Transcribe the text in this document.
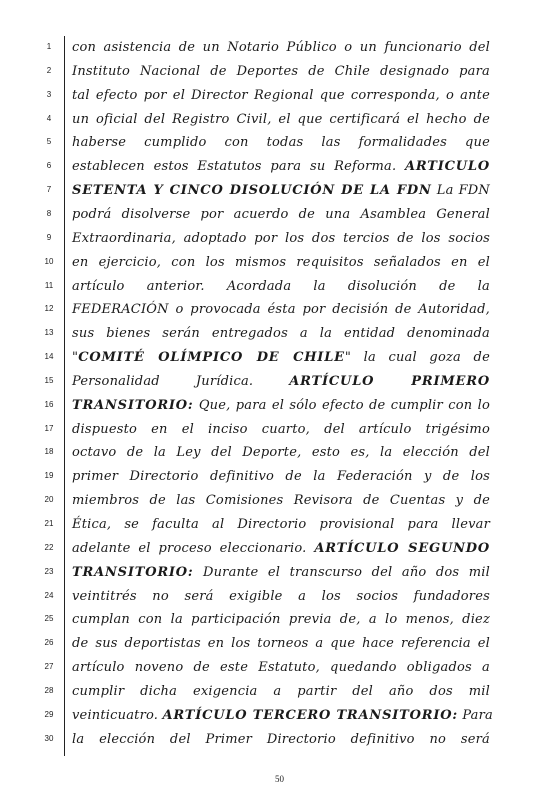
1	con asistencia de un Notario Público o un funcionario del
2	Instituto Nacional de Deportes de Chile designado para
3	tal efecto por el Director Regional que corresponda, o ante
4	un oficial del Registro Civil, el que certificará el hecho de
5	haberse cumplido con todas las formalidades que
6	establecen estos Estatutos para su Reforma. ARTICULO
7	SETENTA Y CINCO DISOLUCIÓN DE LA FDN La FDN
8	podrá disolverse por acuerdo de una Asamblea General
9	Extraordinaria, adoptado por los dos tercios de los socios
10	en ejercicio, con los mismos requisitos señalados en el
11	artículo anterior. Acordada la disolución de la
12	FEDERACIÓN o provocada ésta por decisión de Autoridad,
13	sus bienes serán entregados a la entidad denominada
14	"COMITÉ OLÍMPICO DE CHILE" la cual goza de
15	Personalidad Jurídica. ARTÍCULO PRIMERO
16	TRANSITORIO: Que, para el sólo efecto de cumplir con lo
17	dispuesto en el inciso cuarto, del artículo trigésimo
18	octavo de la Ley del Deporte, esto es, la elección del
19	primer Directorio definitivo de la Federación y de los
20	miembros de las Comisiones Revisora de Cuentas y de
21	Ética, se faculta al Directorio provisional para llevar
22	adelante el proceso eleccionario. ARTÍCULO SEGUNDO
23	TRANSITORIO: Durante el transcurso del año dos mil
24	veintitrés no será exigible a los socios fundadores
25	cumplan con la participación previa de, a lo menos, diez
26	de sus deportistas en los torneos a que hace referencia el
27	artículo noveno de este Estatuto, quedando obligados a
28	cumplir dicha exigencia a partir del año dos mil
29	veinticuatro. ARTÍCULO TERCERO TRANSITORIO: Para
30	la elección del Primer Directorio definitivo no será
50
